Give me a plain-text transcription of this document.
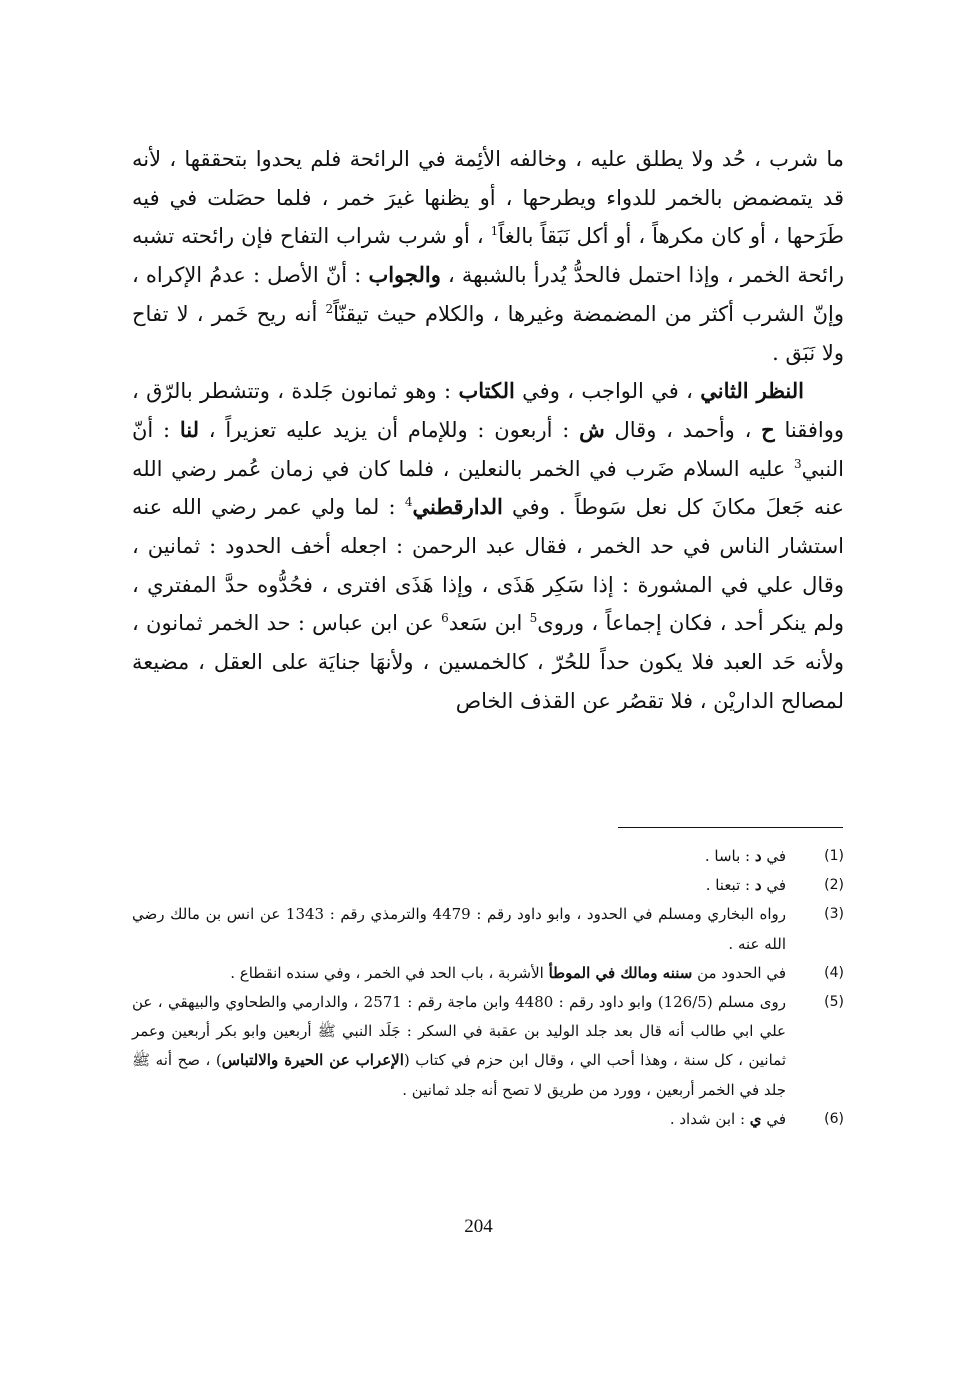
ما شرب ، حُد ولا يطلق عليه ، وخالفه الأئِمة في الرائحة فلم يحدوا بتحققها ، لأنه قد يتمضمض بالخمر للدواء ويطرحها ، أو يظنها غيرَ خمر ، فلما حصَلت في فيه طَرَحها ، أو كان مكرهاً ، أو أكل نَبَقاً بالغاً$^1$ ، أو شرب شراب التفاح فإن رائحته تشبه رائحة الخمر ، وإذا احتمل فالحدُّ يُدرأ بالشبهة ، والجواب : أنّ الأصل : عدمُ الإكراه ، وإنّ الشرب أكثر من المضمضة وغيرها ، والكلام حيث تيقنّاً$^2$ أنه ريح خَمر ، لا تفاح ولا نَبَق .

النظر الثاني ، في الواجب ، وفي الكتاب : وهو ثمانون جَلدة ، وتتشطر بالرّق ، ووافقنا ح ، وأحمد ، وقال ش : أربعون : وللإمام أن يزيد عليه تعزيراً ، لنا : أنّ النبي$^3$ عليه السلام ضَرب في الخمر بالنعلين ، فلما كان في زمان عُمر رضي الله عنه جَعلَ مكانَ كل نعل سَوطاً . وفي الدارقطني$^4$ : لما ولي عمر رضي الله عنه استشار الناس في حد الخمر ، فقال عبد الرحمن : اجعله أخف الحدود : ثمانين ، وقال علي في المشورة : إذا سَكِر هَذَى ، وإذا هَذَى افترى ، فحُدُّوه حدَّ المفتري ، ولم ينكر أحد ، فكان إجماعاً ، وروى$^5$ ابن سَعد$^6$ عن ابن عباس : حد الخمر ثمانون ، ولأنه حَد العبد فلا يكون حداً للحُرّ ، كالخمسين ، ولأنهَا جنايَة على العقل ، مضيعة لمصالح الداريْن ، فلا تقصُر عن القذف الخاص

(1)
في د : باسا .
(2)
في د : تبعنا .
(3)
رواه البخاري ومسلم في الحدود ، وابو داود رقم : 4479 والترمذي رقم : 1343 عن انس بن مالك رضي الله عنه .
(4)
في الحدود من سننه ومالك في الموطأ الأشربة ، باب الحد في الخمر ، وفي سنده انقطاع .
(5)
روى مسلم (126/5) وابو داود رقم : 4480 وابن ماجة رقم : 2571 ، والدارمي والطحاوي والبيهقي ، عن علي ابي طالب أنه قال بعد جلد الوليد بن عقبة في السكر : جَلَد النبي ﷺ أربعين وابو بكر أربعين وعمر ثمانين ، كل سنة ، وهذا أحب الي ، وقال ابن حزم في كتاب (الإعراب عن الحيرة والالتباس) ، صح أنه ﷺ جلد في الخمر أربعين ، وورد من طريق لا تصح أنه جلد ثمانين .
(6)
في ي : ابن شداد .
204
